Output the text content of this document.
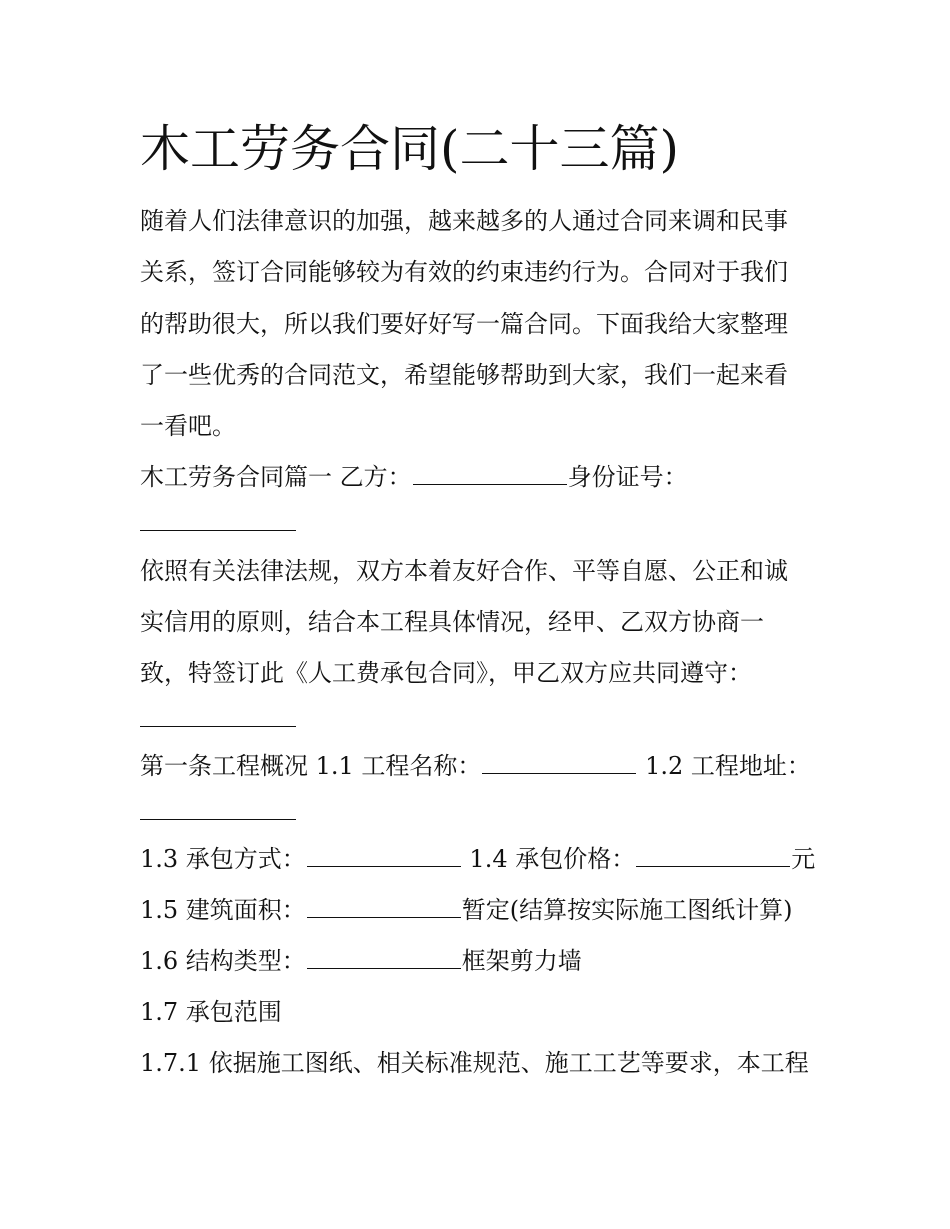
木工劳务合同(二十三篇)
随着人们法律意识的加强，越来越多的人通过合同来调和民事
关系，签订合同能够较为有效的约束违约行为。合同对于我们
的帮助很大，所以我们要好好写一篇合同。下面我给大家整理
了一些优秀的合同范文，希望能够帮助到大家，我们一起来看
一看吧。
木工劳务合同篇一 乙方：	身份证号：
依照有关法律法规，双方本着友好合作、平等自愿、公正和诚
实信用的原则，结合本工程具体情况，经甲、乙双方协商一
致，特签订此《人工费承包合同》，甲乙双方应共同遵守：
第一条工程概况 1.1 工程名称：	1.2 工程地址：
1.3 承包方式：	1.4 承包价格：	元
1.5 建筑面积：	暂定(结算按实际施工图纸计算)
1.6 结构类型：	框架剪力墙
1.7 承包范围
1.7.1 依据施工图纸、相关标准规范、施工工艺等要求，本工程
